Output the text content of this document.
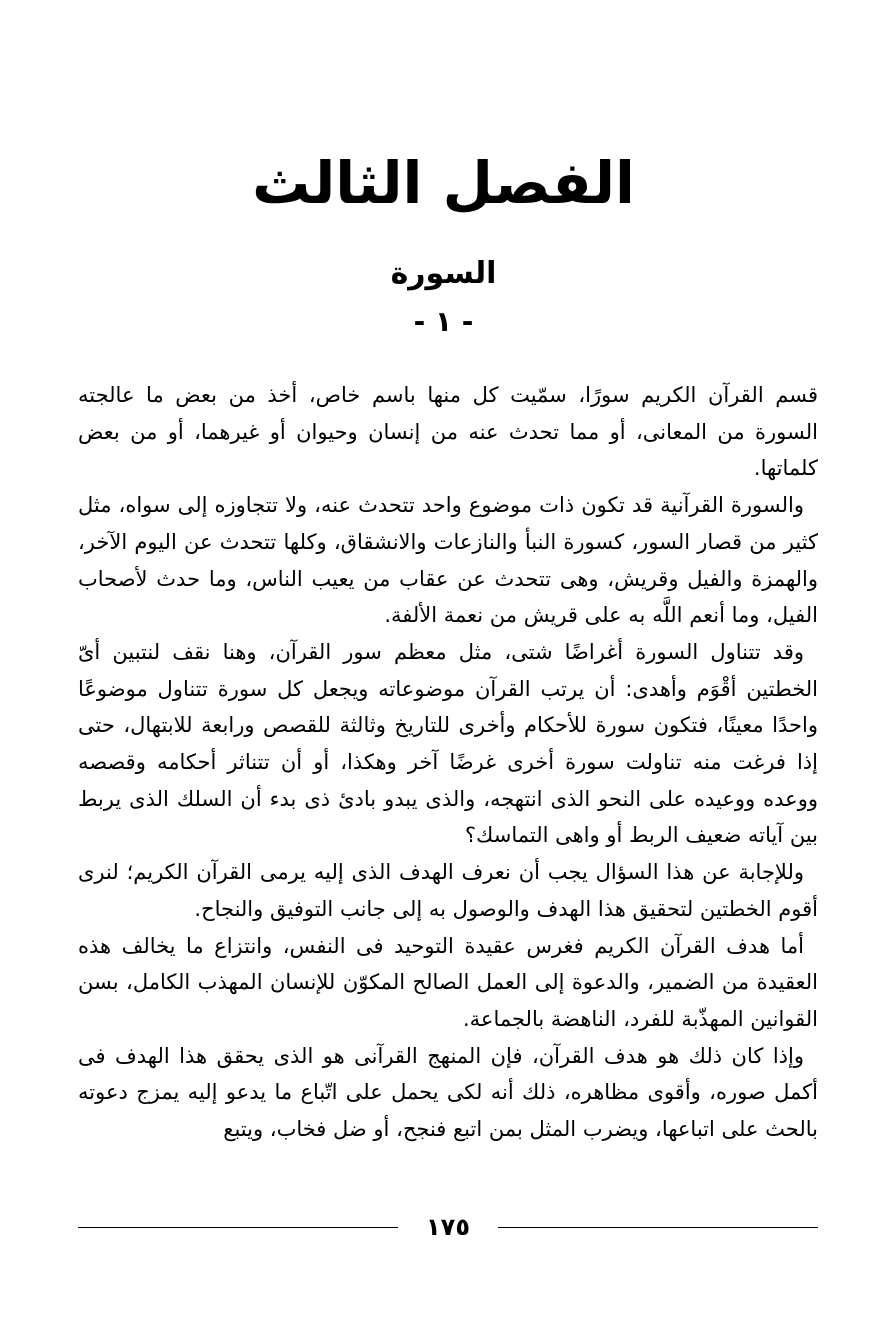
الفصل الثالث
السورة
- ١ -

قسم القرآن الكريم سورًا، سمّيت كل منها باسم خاص، أخذ من بعض ما عالجته السورة من المعانى، أو مما تحدث عنه من إنسان وحيوان أو غيرهما، أو من بعض كلماتها.

والسورة القرآنية قد تكون ذات موضوع واحد تتحدث عنه، ولا تتجاوزه إلى سواه، مثل كثير من قصار السور، كسورة النبأ والنازعات والانشقاق، وكلها تتحدث عن اليوم الآخر، والهمزة والفيل وقريش، وهى تتحدث عن عقاب من يعيب الناس، وما حدث لأصحاب الفيل، وما أنعم اللَّه به على قريش من نعمة الألفة.

وقد تتناول السورة أغراضًا شتى، مثل معظم سور القرآن، وهنا نقف لنتبين أىّ الخطتين أقْوَم وأهدى: أن يرتب القرآن موضوعاته ويجعل كل سورة تتناول موضوعًا واحدًا معينًا، فتكون سورة للأحكام وأخرى للتاريخ وثالثة للقصص ورابعة للابتهال، حتى إذا فرغت منه تناولت سورة أخرى غرضًا آخر وهكذا، أو أن تتناثر أحكامه وقصصه ووعده ووعيده على النحو الذى انتهجه، والذى يبدو بادئ ذى بدء أن السلك الذى يربط بين آياته ضعيف الربط أو واهى التماسك؟

وللإجابة عن هذا السؤال يجب أن نعرف الهدف الذى إليه يرمى القرآن الكريم؛ لنرى أقوم الخطتين لتحقيق هذا الهدف والوصول به إلى جانب التوفيق والنجاح.

أما هدف القرآن الكريم فغرس عقيدة التوحيد فى النفس، وانتزاع ما يخالف هذه العقيدة من الضمير، والدعوة إلى العمل الصالح المكوّن للإنسان المهذب الكامل، بسن القوانين المهذّبة للفرد، الناهضة بالجماعة.

وإذا كان ذلك هو هدف القرآن، فإن المنهج القرآنى هو الذى يحقق هذا الهدف فى أكمل صوره، وأقوى مظاهره، ذلك أنه لكى يحمل على اتّباع ما يدعو إليه يمزج دعوته بالحث على اتباعها، ويضرب المثل بمن اتبع فنجح، أو ضل فخاب، ويتبع

١٧٥
